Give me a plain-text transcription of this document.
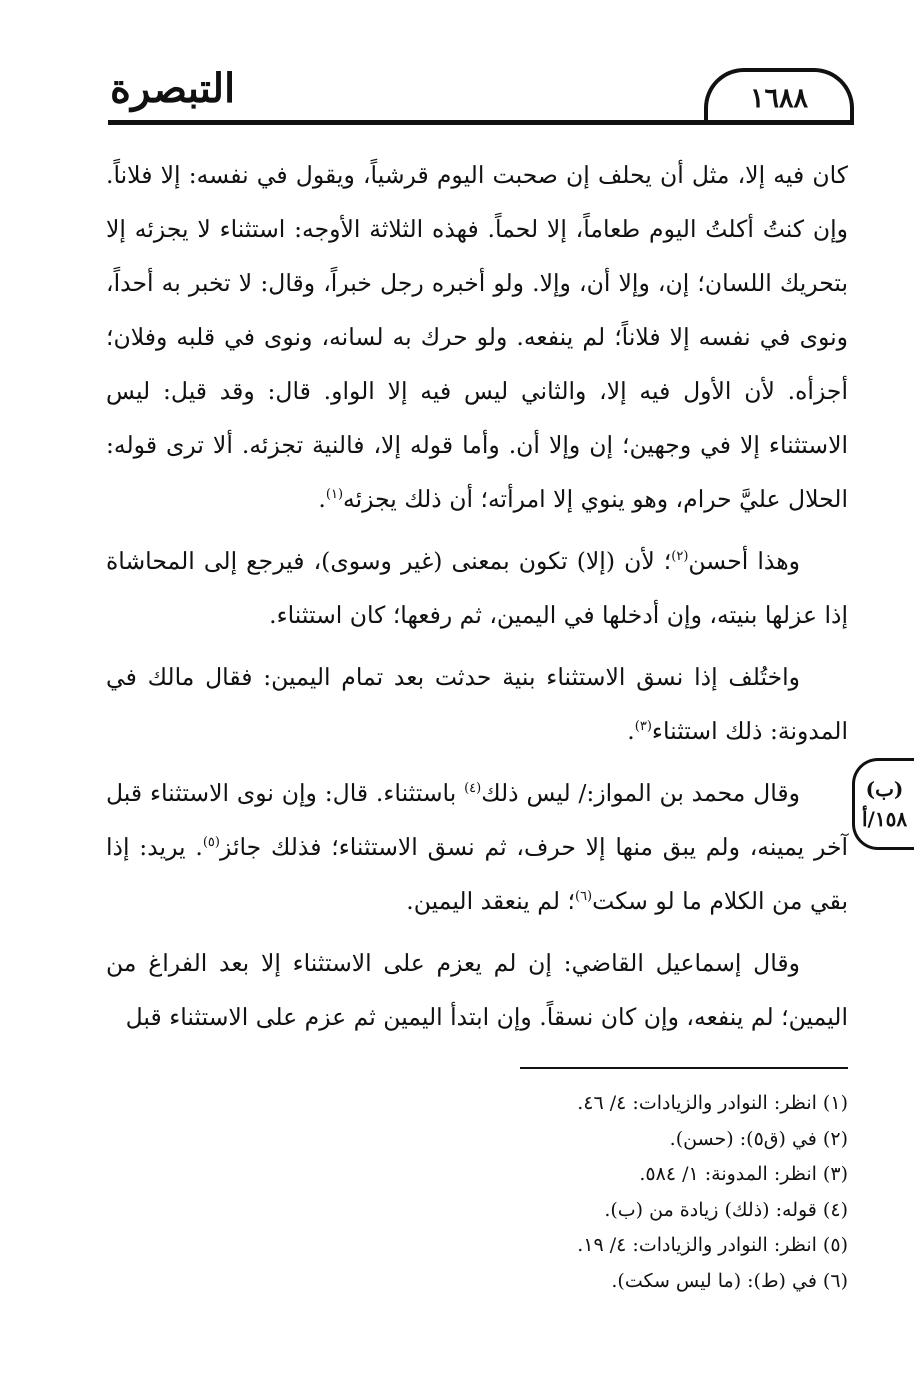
التبصرة	١٦٨٨

كان فيه إلا، مثل أن يحلف إن صحبت اليوم قرشياً، ويقول في نفسه: إلا فلاناً. وإن كنتُ أكلتُ اليوم طعاماً، إلا لحماً. فهذه الثلاثة الأوجه: استثناء لا يجزئه إلا بتحريك اللسان؛ إن، وإلا أن، وإلا. ولو أخبره رجل خبراً، وقال: لا تخبر به أحداً، ونوى في نفسه إلا فلاناً؛ لم ينفعه. ولو حرك به لسانه، ونوى في قلبه وفلان؛ أجزأه. لأن الأول فيه إلا، والثاني ليس فيه إلا الواو. قال: وقد قيل: ليس الاستثناء إلا في وجهين؛ إن وإلا أن. وأما قوله إلا، فالنية تجزئه. ألا ترى قوله: الحلال عليَّ حرام، وهو ينوي إلا امرأته؛ أن ذلك يجزئه$^{(١)}$.

وهذا أحسن$^{(٢)}$؛ لأن (إلا) تكون بمعنى (غير وسوى)، فيرجع إلى المحاشاة إذا عزلها بنيته، وإن أدخلها في اليمين، ثم رفعها؛ كان استثناء.

واختُلف إذا نسق الاستثناء بنية حدثت بعد تمام اليمين: فقال مالك في المدونة: ذلك استثناء$^{(٣)}$.

وقال محمد بن المواز:/ ليس ذلك$^{(٤)}$ باستثناء. قال: وإن نوى الاستثناء قبل آخر يمينه، ولم يبق منها إلا حرف، ثم نسق الاستثناء؛ فذلك جائز$^{(٥)}$. يريد: إذا بقي من الكلام ما لو سكت$^{(٦)}$؛ لم ينعقد اليمين.

وقال إسماعيل القاضي: إن لم يعزم على الاستثناء إلا بعد الفراغ من اليمين؛ لم ينفعه، وإن كان نسقاً. وإن ابتدأ اليمين ثم عزم على الاستثناء قبل

(ب)
١٥٨/أ

(١) انظر: النوادر والزيادات: ٤/ ٤٦.

(٢) في (ق٥): (حسن).

(٣) انظر: المدونة: ١/ ٥٨٤.

(٤) قوله: (ذلك) زيادة من (ب).

(٥) انظر: النوادر والزيادات: ٤/ ١٩.

(٦) في (ط): (ما ليس سكت).
